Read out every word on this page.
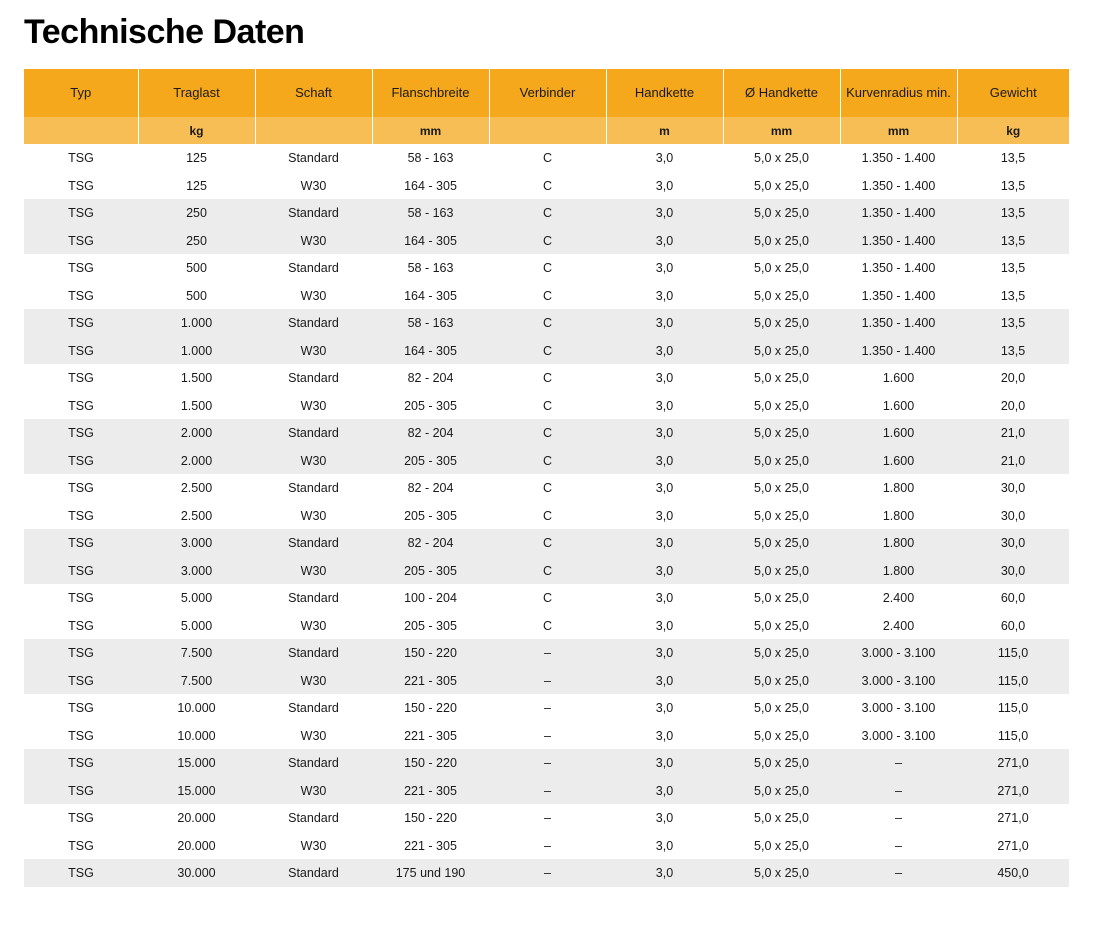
Technische Daten
Typ	Traglast	Schaft	Flanschbreite	Verbinder	Handkette	Ø Handkette	Kurvenradius min.	Gewicht
	kg		mm		m	mm	mm	kg
TSG	125	Standard	58 - 163	C	3,0	5,0 x 25,0	1.350 - 1.400	13,5
TSG	125	W30	164 - 305	C	3,0	5,0 x 25,0	1.350 - 1.400	13,5
TSG	250	Standard	58 - 163	C	3,0	5,0 x 25,0	1.350 - 1.400	13,5
TSG	250	W30	164 - 305	C	3,0	5,0 x 25,0	1.350 - 1.400	13,5
TSG	500	Standard	58 - 163	C	3,0	5,0 x 25,0	1.350 - 1.400	13,5
TSG	500	W30	164 - 305	C	3,0	5,0 x 25,0	1.350 - 1.400	13,5
TSG	1.000	Standard	58 - 163	C	3,0	5,0 x 25,0	1.350 - 1.400	13,5
TSG	1.000	W30	164 - 305	C	3,0	5,0 x 25,0	1.350 - 1.400	13,5
TSG	1.500	Standard	82 - 204	C	3,0	5,0 x 25,0	1.600	20,0
TSG	1.500	W30	205 - 305	C	3,0	5,0 x 25,0	1.600	20,0
TSG	2.000	Standard	82 - 204	C	3,0	5,0 x 25,0	1.600	21,0
TSG	2.000	W30	205 - 305	C	3,0	5,0 x 25,0	1.600	21,0
TSG	2.500	Standard	82 - 204	C	3,0	5,0 x 25,0	1.800	30,0
TSG	2.500	W30	205 - 305	C	3,0	5,0 x 25,0	1.800	30,0
TSG	3.000	Standard	82 - 204	C	3,0	5,0 x 25,0	1.800	30,0
TSG	3.000	W30	205 - 305	C	3,0	5,0 x 25,0	1.800	30,0
TSG	5.000	Standard	100 - 204	C	3,0	5,0 x 25,0	2.400	60,0
TSG	5.000	W30	205 - 305	C	3,0	5,0 x 25,0	2.400	60,0
TSG	7.500	Standard	150 - 220	–	3,0	5,0 x 25,0	3.000 - 3.100	115,0
TSG	7.500	W30	221 - 305	–	3,0	5,0 x 25,0	3.000 - 3.100	115,0
TSG	10.000	Standard	150 - 220	–	3,0	5,0 x 25,0	3.000 - 3.100	115,0
TSG	10.000	W30	221 - 305	–	3,0	5,0 x 25,0	3.000 - 3.100	115,0
TSG	15.000	Standard	150 - 220	–	3,0	5,0 x 25,0	–	271,0
TSG	15.000	W30	221 - 305	–	3,0	5,0 x 25,0	–	271,0
TSG	20.000	Standard	150 - 220	–	3,0	5,0 x 25,0	–	271,0
TSG	20.000	W30	221 - 305	–	3,0	5,0 x 25,0	–	271,0
TSG	30.000	Standard	175 und 190	–	3,0	5,0 x 25,0	–	450,0
